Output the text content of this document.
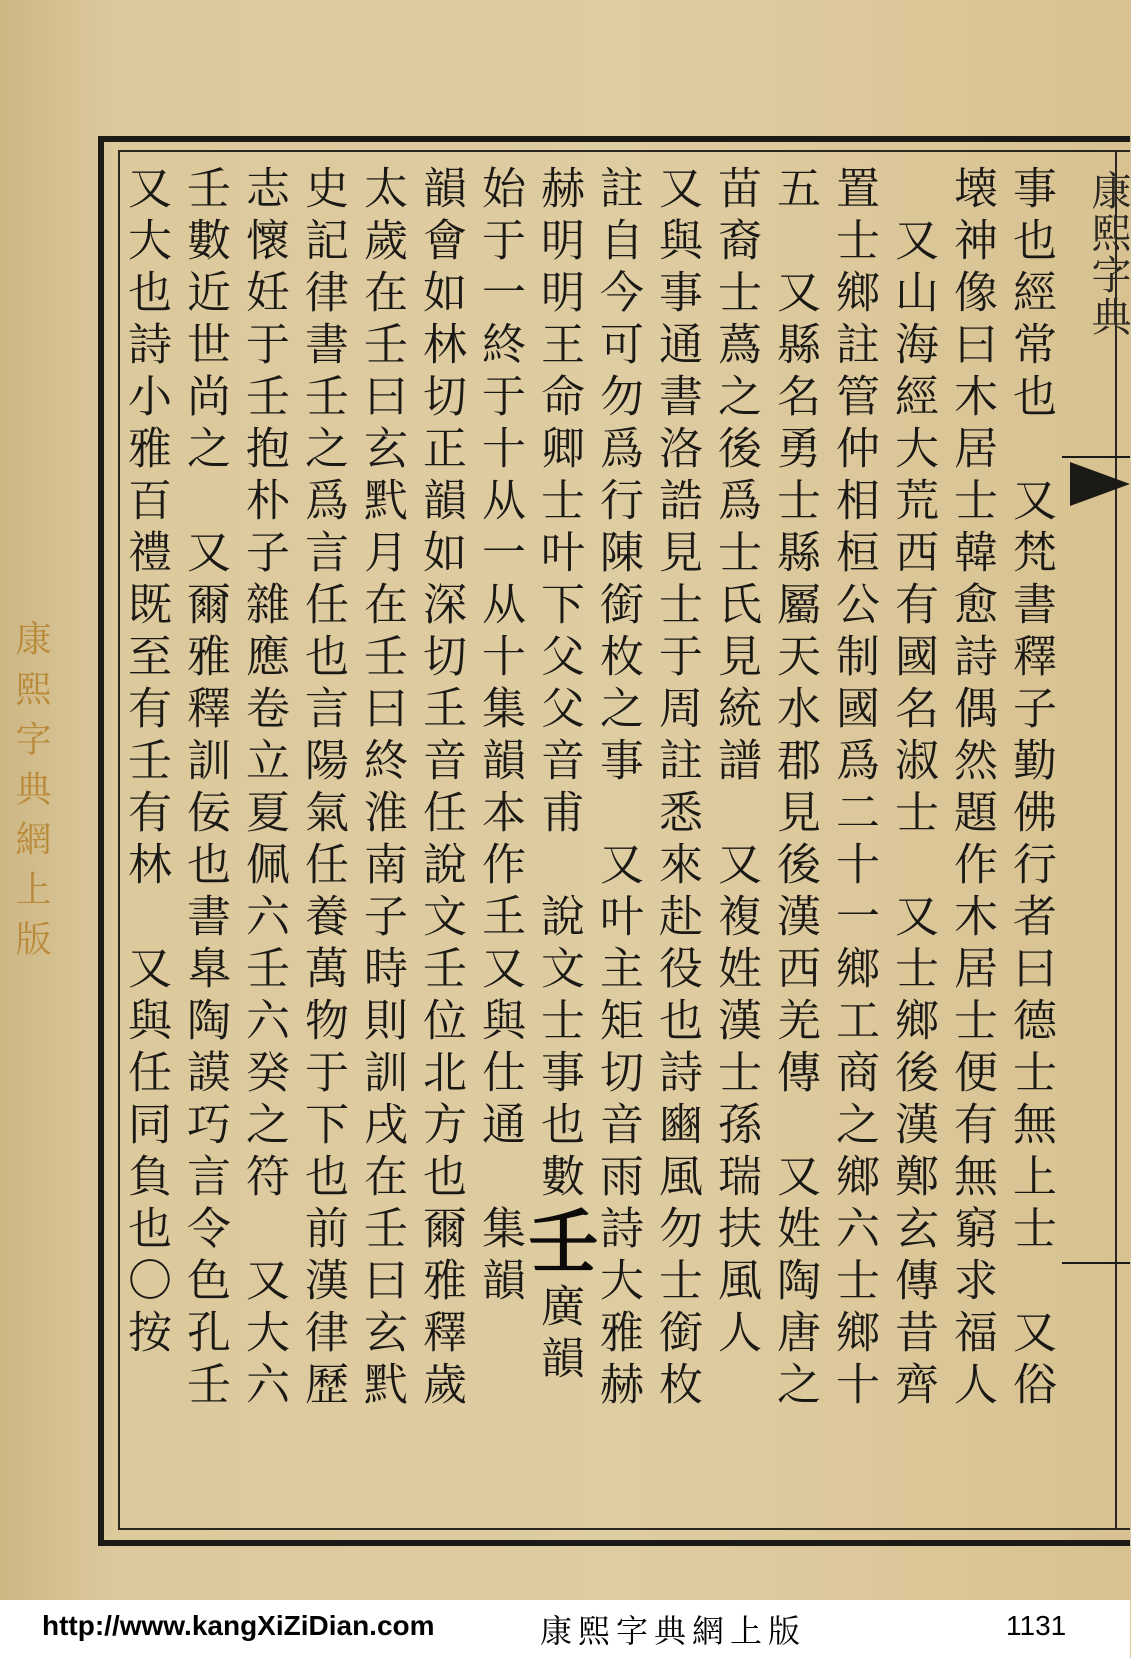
康熙字典
事也經常也　又梵書釋子勤佛行者曰德士無上士　又俗
壊神像曰木居士韓愈詩偶然題作木居士便有無窮求福人
　又山海經大荒西有國名淑士　又士鄉後漢鄭玄傳昔齊
置士鄉註管仲相桓公制國爲二十一鄉工商之鄉六士鄉十
五　又縣名勇士縣屬天水郡見後漢西羌傳　又姓陶唐之
苗裔士蔿之後爲士氏見統譜　又複姓漢士孫瑞扶風人
又與事通書洛誥見士于周註悉來赴役也詩豳風勿士銜枚
註自今可勿爲行陳銜枚之事　又叶主矩切音雨詩大雅赫
赫明明王命卿士叶下父父音甫　說文士事也數壬廣韻
始于一終于十从一从十集韻本作𡈼又與仕通　集韻
韻會如林切正韻如深切𡈼音任說文壬位北方也爾雅釋歲
太歲在壬曰玄黓月在壬曰終淮南子時則訓戌在壬曰玄黓
史記律書壬之爲言任也言陽氣任養萬物于下也前漢律歷
志懷妊于壬抱朴子雜應卷立夏佩六壬六癸之符　又大六
壬數近世尚之　又爾雅釋訓佞也書臯陶謨巧言令色孔壬
又大也詩小雅百禮既至有壬有林　又與任同負也〇按
康熙字典網上版
http://www.kangXiZiDian.com	康熙字典網上版	1131
